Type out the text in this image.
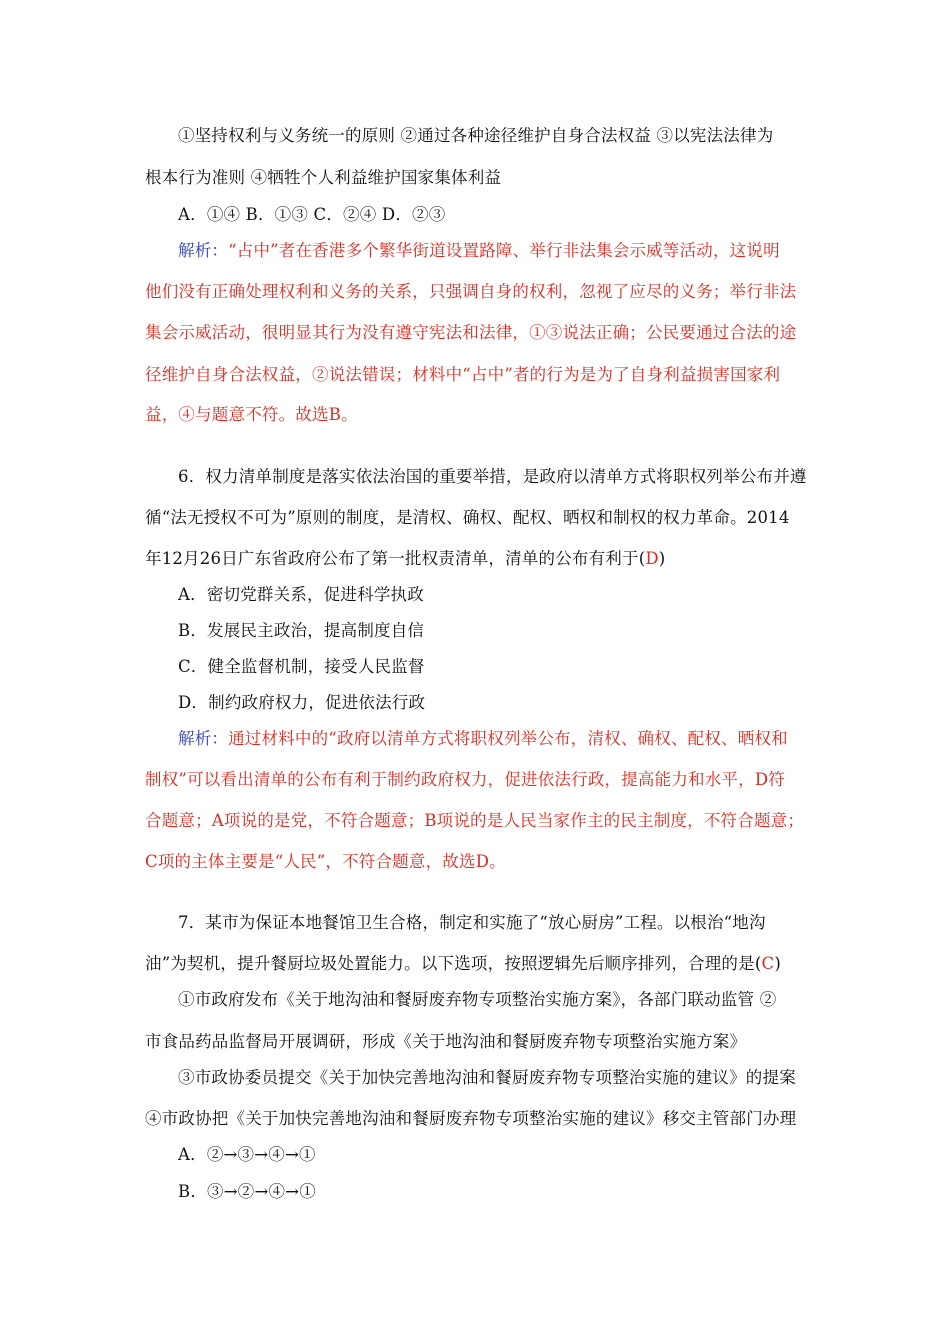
①坚持权利与义务统一的原则 ②通过各种途径维护自身合法权益 ③以宪法法律为
根本行为准则 ④牺牲个人利益维护国家集体利益
A．①④ B．①③ C．②④ D．②③
解析：“占中”者在香港多个繁华街道设置路障、举行非法集会示威等活动，这说明
他们没有正确处理权利和义务的关系，只强调自身的权利，忽视了应尽的义务；举行非法
集会示威活动，很明显其行为没有遵守宪法和法律，①③说法正确；公民要通过合法的途
径维护自身合法权益，②说法错误；材料中“占中”者的行为是为了自身利益损害国家利
益，④与题意不符。故选B。
6．权力清单制度是落实依法治国的重要举措，是政府以清单方式将职权列举公布并遵
循“法无授权不可为”原则的制度，是清权、确权、配权、晒权和制权的权力革命。2014
年12月26日广东省政府公布了第一批权责清单，清单的公布有利于(D)
A．密切党群关系，促进科学执政
B．发展民主政治，提高制度自信
C．健全监督机制，接受人民监督
D．制约政府权力，促进依法行政
解析：通过材料中的“政府以清单方式将职权列举公布，清权、确权、配权、晒权和
制权”可以看出清单的公布有利于制约政府权力，促进依法行政，提高能力和水平，D符
合题意；A项说的是党，不符合题意；B项说的是人民当家作主的民主制度，不符合题意；
C项的主体主要是“人民”，不符合题意，故选D。
7．某市为保证本地餐馆卫生合格，制定和实施了“放心厨房”工程。以根治“地沟
油”为契机，提升餐厨垃圾处置能力。以下选项，按照逻辑先后顺序排列，合理的是(C)
①市政府发布《关于地沟油和餐厨废弃物专项整治实施方案》，各部门联动监管 ②
市食品药品监督局开展调研，形成《关于地沟油和餐厨废弃物专项整治实施方案》
③市政协委员提交《关于加快完善地沟油和餐厨废弃物专项整治实施的建议》的提案
④市政协把《关于加快完善地沟油和餐厨废弃物专项整治实施的建议》移交主管部门办理
A．②→③→④→①
B．③→②→④→①
